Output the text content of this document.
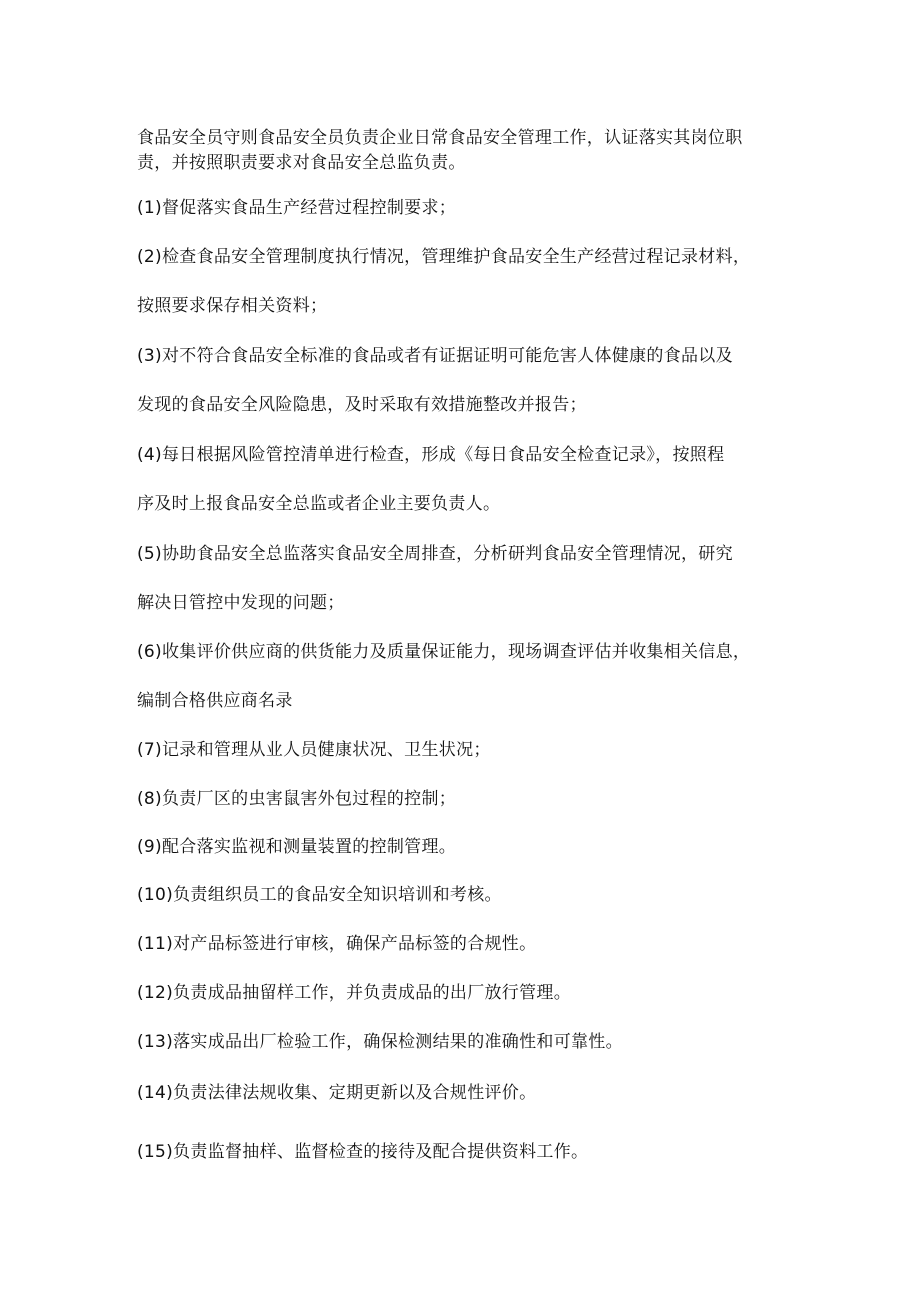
食品安全员守则食品安全员负责企业日常食品安全管理工作，认证落实其岗位职
责，并按照职责要求对食品安全总监负责。
(1)督促落实食品生产经营过程控制要求；
(2)检查食品安全管理制度执行情况，管理维护食品安全生产经营过程记录材料，
按照要求保存相关资料；
(3)对不符合食品安全标准的食品或者有证据证明可能危害人体健康的食品以及
发现的食品安全风险隐患，及时采取有效措施整改并报告；
(4)每日根据风险管控清单进行检查，形成《每日食品安全检查记录》，按照程
序及时上报食品安全总监或者企业主要负责人。
(5)协助食品安全总监落实食品安全周排查，分析研判食品安全管理情况，研究
解决日管控中发现的问题；
(6)收集评价供应商的供货能力及质量保证能力，现场调查评估并收集相关信息，
编制合格供应商名录
(7)记录和管理从业人员健康状况、卫生状况；
(8)负责厂区的虫害鼠害外包过程的控制；
(9)配合落实监视和测量装置的控制管理。
(10)负责组织员工的食品安全知识培训和考核。
(11)对产品标签进行审核，确保产品标签的合规性。
(12)负责成品抽留样工作，并负责成品的出厂放行管理。
(13)落实成品出厂检验工作，确保检测结果的准确性和可靠性。
(14)负责法律法规收集、定期更新以及合规性评价。
(15)负责监督抽样、监督检查的接待及配合提供资料工作。
